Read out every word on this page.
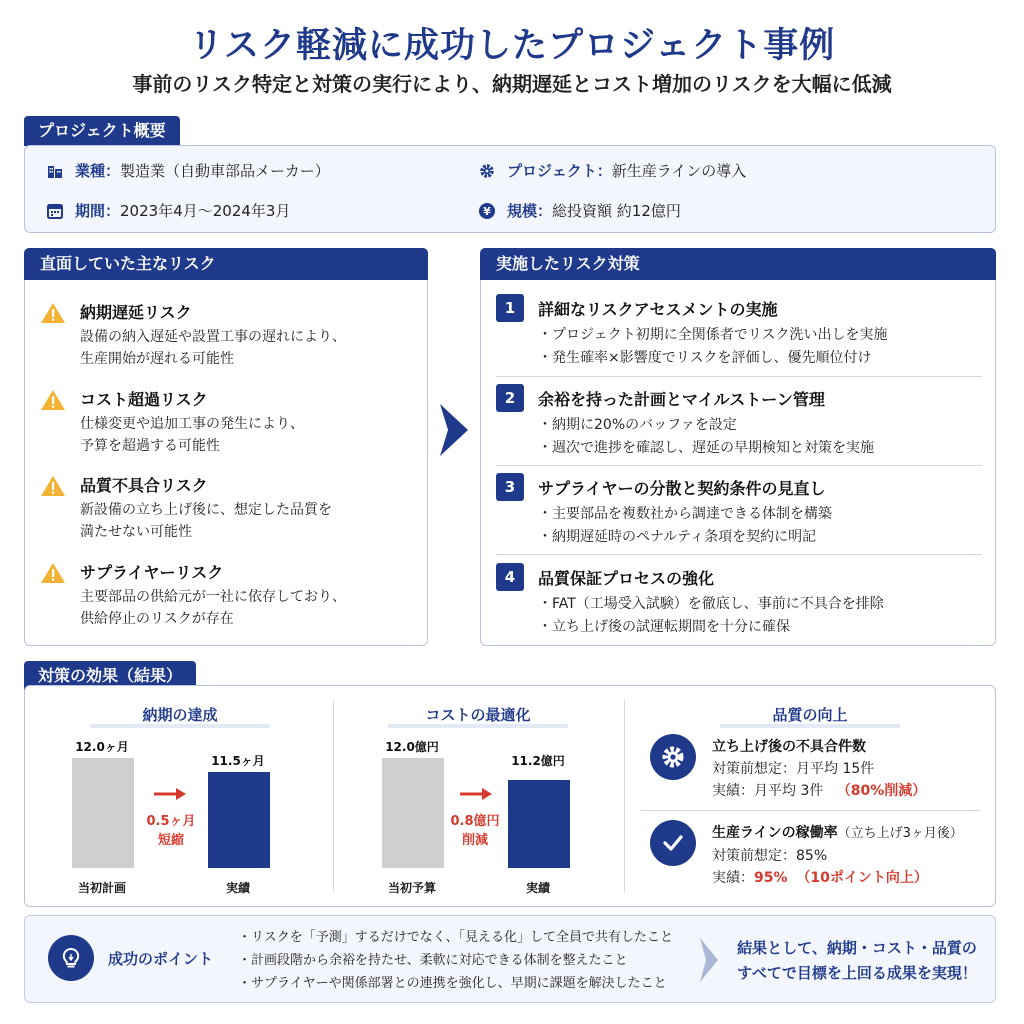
リスク軽減に成功したプロジェクト事例
事前のリスク特定と対策の実行により、納期遅延とコスト増加のリスクを大幅に低減
プロジェクト概要
業種： 製造業（自動車部品メーカー）
期間： 2023年4月〜2024年3月
プロジェクト： 新生産ラインの導入
¥ 規模： 総投資額 約12億円
直面していた主なリスク
納期遅延リスク
設備の納入遅延や設置工事の遅れにより、
生産開始が遅れる可能性
コスト超過リスク
仕様変更や追加工事の発生により、
予算を超過する可能性
品質不具合リスク
新設備の立ち上げ後に、想定した品質を
満たせない可能性
サプライヤーリスク
主要部品の供給元が一社に依存しており、
供給停止のリスクが存在
実施したリスク対策
1	詳細なリスクアセスメントの実施
・プロジェクト初期に全関係者でリスク洗い出しを実施
・発生確率×影響度でリスクを評価し、優先順位付け
2	余裕を持った計画とマイルストーン管理
・納期に20%のバッファを設定
・週次で進捗を確認し、遅延の早期検知と対策を実施
3	サプライヤーの分散と契約条件の見直し
・主要部品を複数社から調達できる体制を構築
・納期遅延時のペナルティ条項を契約に明記
4	品質保証プロセスの強化
・FAT（工場受入試験）を徹底し、事前に不具合を排除
・立ち上げ後の試運転期間を十分に確保
対策の効果（結果）
納期の達成
12.0ヶ月
11.5ヶ月
0.5ヶ月
短縮
当初計画	実績
コストの最適化
12.0億円
11.2億円
0.8億円
削減
当初予算	実績
品質の向上
立ち上げ後の不具合件数
対策前想定：月平均 15件
実績：月平均 3件 （80%削減）
生産ラインの稼働率（立ち上げ3ヶ月後）
対策前想定：85%
実績：95% （10ポイント向上）
成功のポイント
・リスクを「予測」するだけでなく、「見える化」して全員で共有したこと
・計画段階から余裕を持たせ、柔軟に対応できる体制を整えたこと
・サプライヤーや関係部署との連携を強化し、早期に課題を解決したこと
結果として、納期・コスト・品質の
すべてで目標を上回る成果を実現！
